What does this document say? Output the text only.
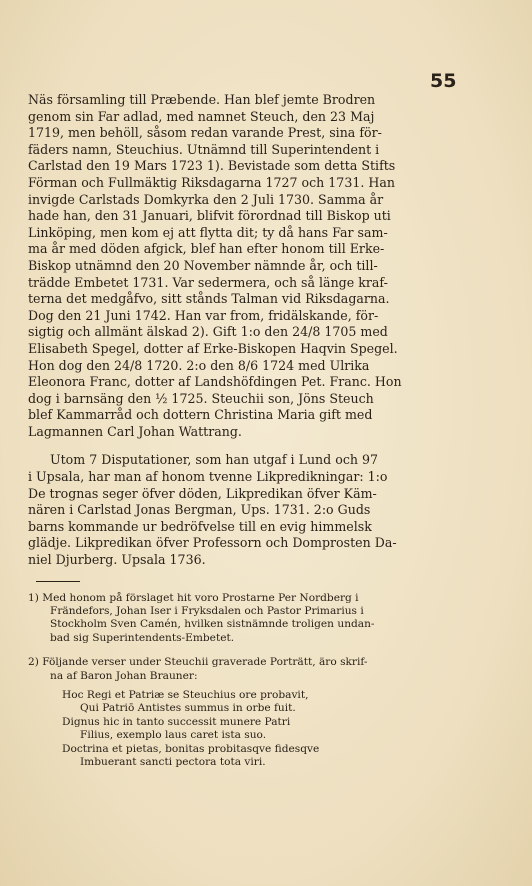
55
Näs församling till Præbende. Han blef jemte Brodren
genom sin Far adlad, med namnet Steuch, den 23 Maj
1719, men behöll, såsom redan varande Prest, sina för-
fäders namn, Steuchius. Utnämnd till Superintendent i
Carlstad den 19 Mars 1723 1). Bevistade som detta Stifts
Förman och Fullmäktig Riksdagarna 1727 och 1731. Han
invigde Carlstads Domkyrka den 2 Juli 1730. Samma år
hade han, den 31 Januari, blifvit förordnad till Biskop uti
Linköping, men kom ej att flytta dit; ty då hans Far sam-
ma år med döden afgick, blef han efter honom till Erke-
Biskop utnämnd den 20 November nämnde år, och till-
trädde Embetet 1731. Var sedermera, och så länge kraf-
terna det medgåfvo, sitt stånds Talman vid Riksdagarna.
Dog den 21 Juni 1742. Han var from, fridälskande, för-
sigtig och allmänt älskad 2). Gift 1:o den 24/8 1705 med
Elisabeth Spegel, dotter af Erke-Biskopen Haqvin Spegel.
Hon dog den 24/8 1720. 2:o den 8/6 1724 med Ulrika
Eleonora Franc, dotter af Landshöfdingen Pet. Franc. Hon
dog i barnsäng den ½ 1725. Steuchii son, Jöns Steuch
blef Kammarråd och dottern Christina Maria gift med
Lagmannen Carl Johan Wattrang.
Utom 7 Disputationer, som han utgaf i Lund och 97
i Upsala, har man af honom tvenne Likpredikningar: 1:o
De trognas seger öfver döden, Likpredikan öfver Käm-
nären i Carlstad Jonas Bergman, Ups. 1731. 2:o Guds
barns kommande ur bedröfvelse till en evig himmelsk
glädje. Likpredikan öfver Professorn och Domprosten Da-
niel Djurberg. Upsala 1736.
1) Med honom på förslaget hit voro Prostarne Per Nordberg i
Frändefors, Johan Iser i Fryksdalen och Pastor Primarius i
Stockholm Sven Camén, hvilken sistnämnde troligen undan-
bad sig Superintendents-Embetet.
2) Följande verser under Steuchii graverade Porträtt, äro skrif-
na af Baron Johan Brauner:
Hoc Regi et Patriæ se Steuchius ore probavit,
Qui Patriō Antistes summus in orbe fuit.
Dignus hic in tanto successit munere Patri
Filius, exemplo laus caret ista suo.
Doctrina et pietas, bonitas probitasqve fidesqve
Imbuerant sancti pectora tota viri.
